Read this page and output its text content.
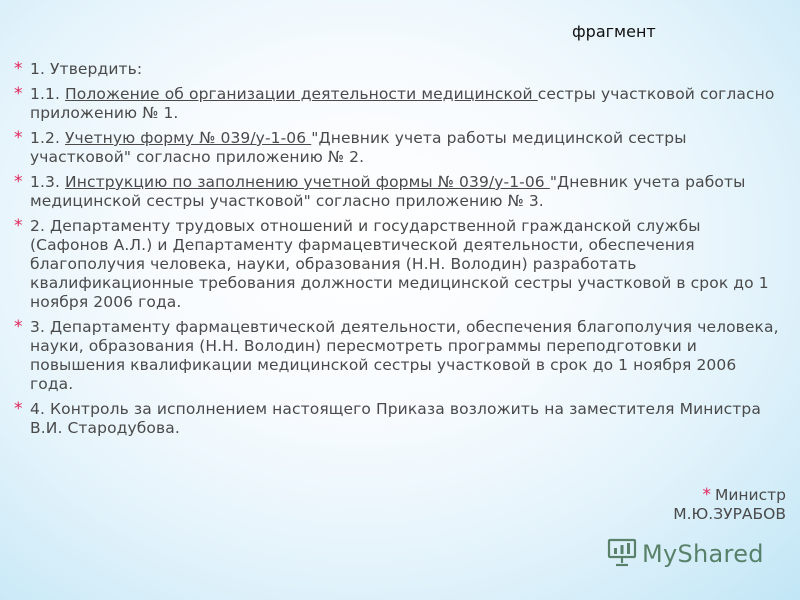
фрагмент
* 1. Утвердить:
* 1.1. Положение об организации деятельности медицинской сестры участковой согласно приложению № 1.
* 1.2. Учетную форму № 039/у-1-06 "Дневник учета работы медицинской сестры участковой" согласно приложению № 2.
* 1.3. Инструкцию по заполнению учетной формы № 039/у-1-06 "Дневник учета работы медицинской сестры участковой" согласно приложению № 3.
* 2. Департаменту трудовых отношений и государственной гражданской службы (Сафонов А.Л.) и Департаменту фармацевтической деятельности, обеспечения благополучия человека, науки, образования (Н.Н. Володин) разработать квалификационные требования должности медицинской сестры участковой в срок до 1 ноября 2006 года.
* 3. Департаменту фармацевтической деятельности, обеспечения благополучия человека, науки, образования (Н.Н. Володин) пересмотреть программы переподготовки и повышения квалификации медицинской сестры участковой в срок до 1 ноября 2006 года.
* 4. Контроль за исполнением настоящего Приказа возложить на заместителя Министра В.И. Стародубова.
* Министр
М.Ю.ЗУРАБОВ
MyShared
